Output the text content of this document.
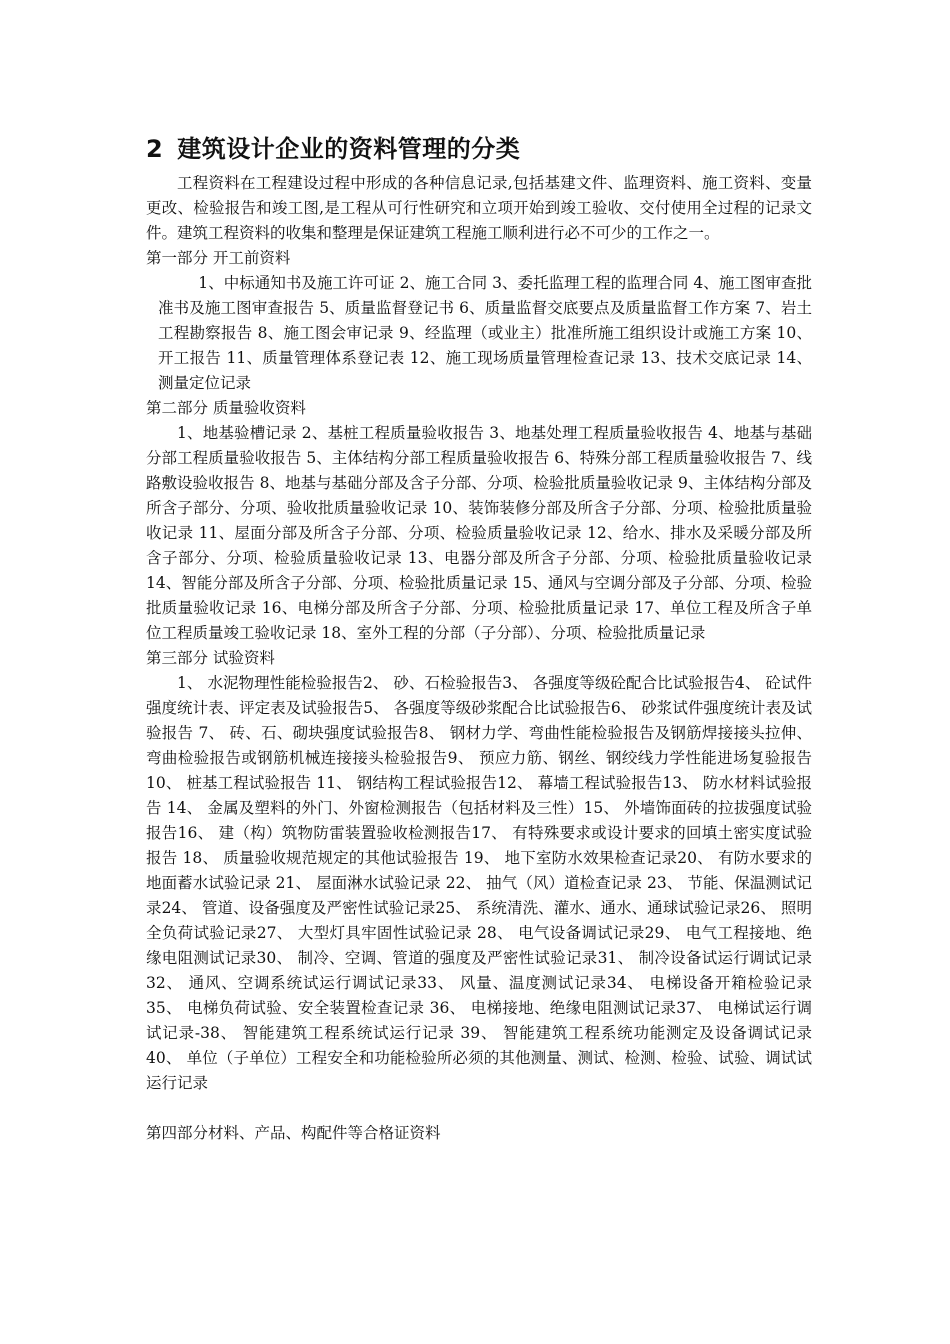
2 建筑设计企业的资料管理的分类

工程资料在工程建设过程中形成的各种信息记录,包括基建文件、监理资料、施工资料、变量更改、检验报告和竣工图,是工程从可行性研究和立项开始到竣工验收、交付使用全过程的记录文件。建筑工程资料的收集和整理是保证建筑工程施工顺利进行必不可少的工作之一。

第一部分 开工前资料

1、中标通知书及施工许可证 2、施工合同 3、委托监理工程的监理合同 4、施工图审查批准书及施工图审查报告 5、质量监督登记书 6、质量监督交底要点及质量监督工作方案 7、岩土工程勘察报告 8、施工图会审记录 9、经监理（或业主）批准所施工组织设计或施工方案 10、开工报告 11、质量管理体系登记表 12、施工现场质量管理检查记录 13、技术交底记录 14、测量定位记录

第二部分 质量验收资料

1、地基验槽记录 2、基桩工程质量验收报告 3、地基处理工程质量验收报告 4、地基与基础分部工程质量验收报告 5、主体结构分部工程质量验收报告 6、特殊分部工程质量验收报告 7、线路敷设验收报告 8、地基与基础分部及含子分部、分项、检验批质量验收记录 9、主体结构分部及所含子部分、分项、验收批质量验收记录 10、装饰装修分部及所含子分部、分项、检验批质量验收记录 11、屋面分部及所含子分部、分项、检验质量验收记录 12、给水、排水及采暖分部及所含子部分、分项、检验质量验收记录 13、电器分部及所含子分部、分项、检验批质量验收记录 14、智能分部及所含子分部、分项、检验批质量记录 15、通风与空调分部及子分部、分项、检验批质量验收记录 16、电梯分部及所含子分部、分项、检验批质量记录 17、单位工程及所含子单位工程质量竣工验收记录 18、室外工程的分部（子分部）、分项、检验批质量记录

第三部分 试验资料

1、 水泥物理性能检验报告2、 砂、石检验报告3、 各强度等级砼配合比试验报告4、 砼试件强度统计表、评定表及试验报告5、 各强度等级砂浆配合比试验报告6、 砂浆试件强度统计表及试验报告 7、 砖、石、砌块强度试验报告8、 钢材力学、弯曲性能检验报告及钢筋焊接接头拉伸、弯曲检验报告或钢筋机械连接接头检验报告9、 预应力筋、钢丝、钢绞线力学性能进场复验报告 10、 桩基工程试验报告 11、 钢结构工程试验报告12、 幕墙工程试验报告13、 防水材料试验报告 14、 金属及塑料的外门、外窗检测报告（包括材料及三性）15、 外墙饰面砖的拉拔强度试验报告16、 建（构）筑物防雷装置验收检测报告17、 有特殊要求或设计要求的回填土密实度试验报告 18、 质量验收规范规定的其他试验报告 19、 地下室防水效果检查记录20、 有防水要求的地面蓄水试验记录 21、 屋面淋水试验记录 22、 抽气（风）道检查记录 23、 节能、保温测试记录24、 管道、设备强度及严密性试验记录25、 系统清洗、灌水、通水、通球试验记录26、 照明全负荷试验记录27、 大型灯具牢固性试验记录 28、 电气设备调试记录29、 电气工程接地、绝缘电阻测试记录30、 制冷、空调、管道的强度及严密性试验记录31、 制冷设备试运行调试记录 32、 通风、空调系统试运行调试记录33、 风量、温度测试记录34、 电梯设备开箱检验记录 35、 电梯负荷试验、安全装置检查记录 36、 电梯接地、绝缘电阻测试记录37、 电梯试运行调试记录-38、 智能建筑工程系统试运行记录 39、 智能建筑工程系统功能测定及设备调试记录40、 单位（子单位）工程安全和功能检验所必须的其他测量、测试、检测、检验、试验、调试试运行记录

第四部分材料、产品、构配件等合格证资料
